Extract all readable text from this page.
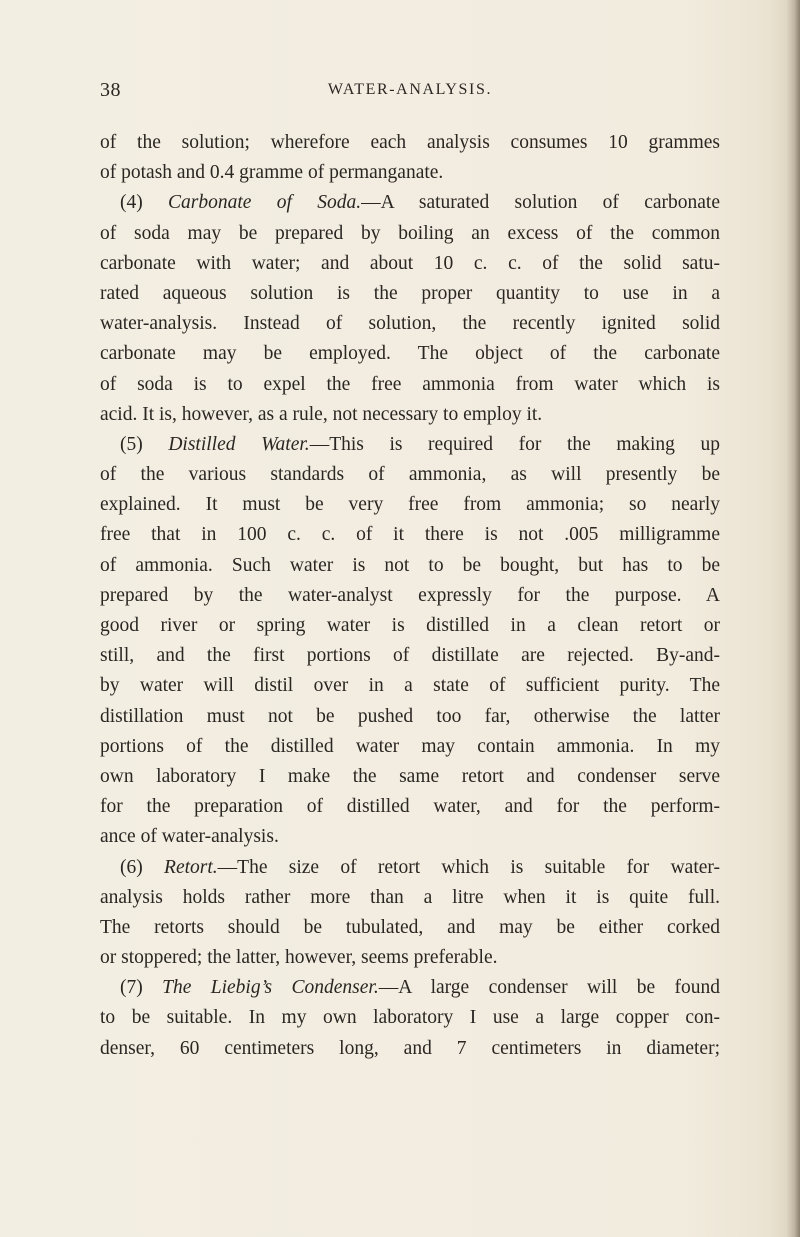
38	WATER-ANALYSIS.
of the solution; wherefore each analysis consumes 10 grammes
of potash and 0.4 gramme of permanganate.
(4) Carbonate of Soda.—A saturated solution of carbonate
of soda may be prepared by boiling an excess of the common
carbonate with water; and about 10 c. c. of the solid satu-
rated aqueous solution is the proper quantity to use in a
water-analysis. Instead of solution, the recently ignited solid
carbonate may be employed. The object of the carbonate
of soda is to expel the free ammonia from water which is
acid. It is, however, as a rule, not necessary to employ it.
(5) Distilled Water.—This is required for the making up
of the various standards of ammonia, as will presently be
explained. It must be very free from ammonia; so nearly
free that in 100 c. c. of it there is not .005 milligramme
of ammonia. Such water is not to be bought, but has to be
prepared by the water-analyst expressly for the purpose. A
good river or spring water is distilled in a clean retort or
still, and the first portions of distillate are rejected. By-and-
by water will distil over in a state of sufficient purity. The
distillation must not be pushed too far, otherwise the latter
portions of the distilled water may contain ammonia. In my
own laboratory I make the same retort and condenser serve
for the preparation of distilled water, and for the perform-
ance of water-analysis.
(6) Retort.—The size of retort which is suitable for water-
analysis holds rather more than a litre when it is quite full.
The retorts should be tubulated, and may be either corked
or stoppered; the latter, however, seems preferable.
(7) The Liebig’s Condenser.—A large condenser will be found
to be suitable. In my own laboratory I use a large copper con-
denser, 60 centimeters long, and 7 centimeters in diameter;
